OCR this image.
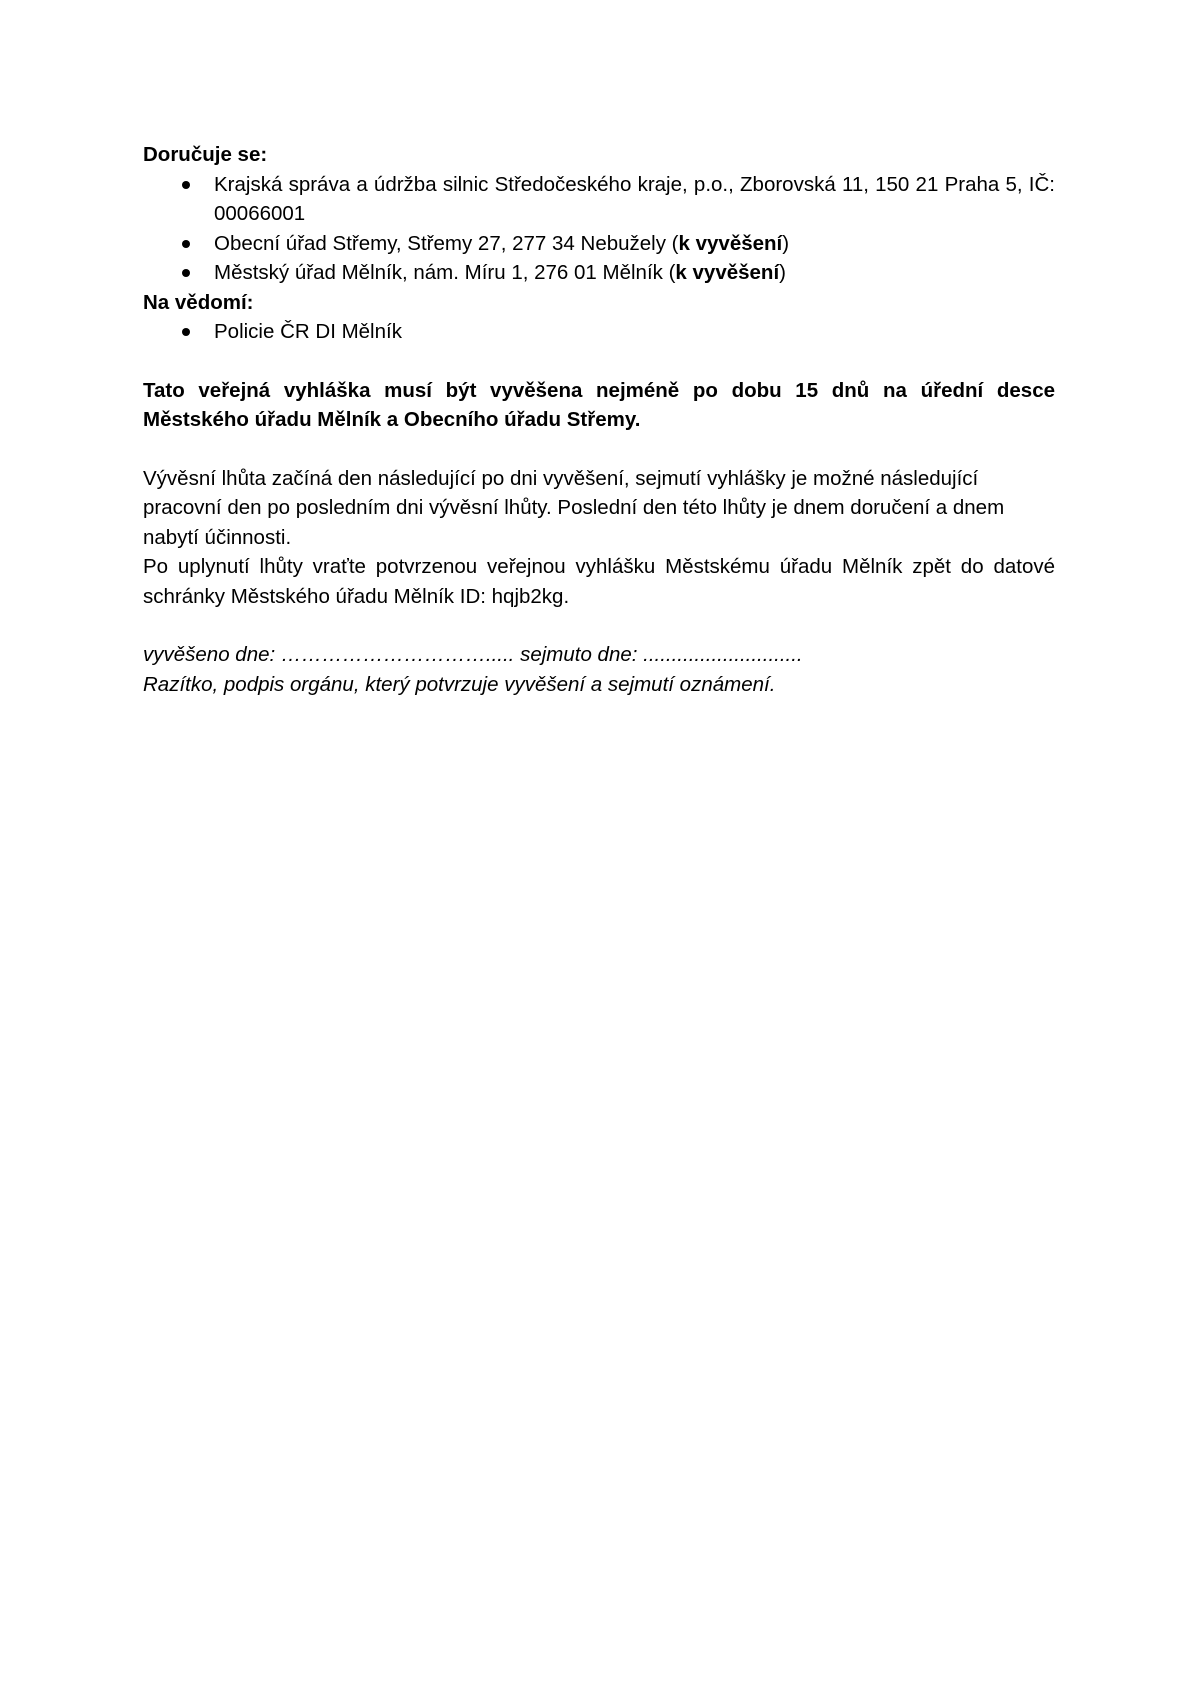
Doručuje se:
Krajská správa a údržba silnic Středočeského kraje, p.o., Zborovská 11, 150 21 Praha 5, IČ: 00066001
Obecní úřad Střemy, Střemy 27, 277 34 Nebužely (k vyvěšení)
Městský úřad Mělník, nám. Míru 1, 276 01 Mělník (k vyvěšení)
Na vědomí:
Policie ČR DI Mělník

Tato veřejná vyhláška musí být vyvěšena nejméně po dobu 15 dnů na úřední desce Městského úřadu Mělník a Obecního úřadu Střemy.

Vývěsní lhůta začíná den následující po dni vyvěšení, sejmutí vyhlášky je možné následující pracovní den po posledním dni vývěsní lhůty. Poslední den této lhůty je dnem doručení a dnem nabytí účinnosti.

Po uplynutí lhůty vraťte potvrzenou veřejnou vyhlášku Městskému úřadu Mělník zpět do datové schránky Městského úřadu Mělník ID: hqjb2kg.

vyvěšeno dne: …………………………..... sejmuto dne: ............................

Razítko, podpis orgánu, který potvrzuje vyvěšení a sejmutí oznámení.
